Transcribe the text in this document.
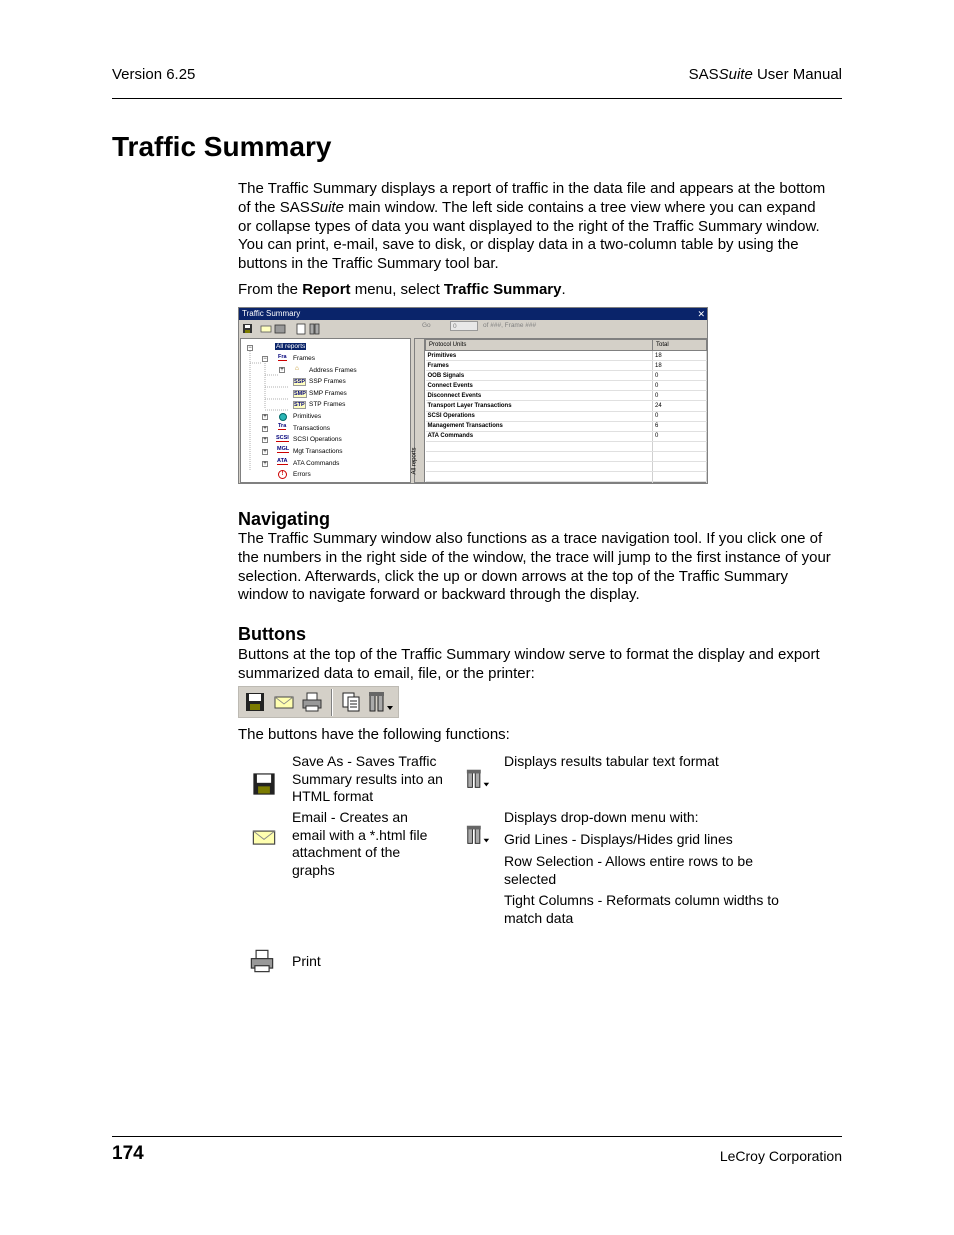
Version 6.25	SASSuite User Manual
Traffic Summary
The Traffic Summary displays a report of traffic in the data file and appears at the bottom
of the SASSuite main window. The left side contains a tree view where you can expand
or collapse types of data you want displayed to the right of the Traffic Summary window.
You can print, e-mail, save to disk, or display data in a two-column table by using the
buttons in the Traffic Summary tool bar.
From the Report menu, select Traffic Summary.
Traffic Summary	✕
Go	0	of ###, Frame ###
−	All reports
− Fra Frames
+ ⌂ Address Frames
SSP SSP Frames
SMP SMP Frames
STP STP Frames
+	Primitives
+ Tra Transactions
+ SCSI SCSI Operations
+ MGL Mgt Transactions
+ ATA ATA Commands
!	Errors	All reports
Protocol Units	Total
Primitives	18
Frames	18
OOB Signals	0
Connect Events	0
Disconnect Events	0
Transport Layer Transactions	24
SCSI Operations	0
Management Transactions	6
ATA Commands	0

Navigating
The Traffic Summary window also functions as a trace navigation tool. If you click one of
the numbers in the right side of the window, the trace will jump to the first instance of your
selection. Afterwards, click the up or down arrows at the top of the Traffic Summary
window to navigate forward or backward through the display.
Buttons
Buttons at the top of the Traffic Summary window serve to format the display and export
summarized data to email, file, or the printer:
The buttons have the following functions:
Save As - Saves Traffic
Summary results into an
HTML format
Email - Creates an
email with a *.html file
attachment of the
graphs
Print
Displays results tabular text format
Displays drop-down menu with:
Grid Lines - Displays/Hides grid lines
Row Selection - Allows entire rows to be
selected
Tight Columns - Reformats column widths to
match data
174	LeCroy Corporation
